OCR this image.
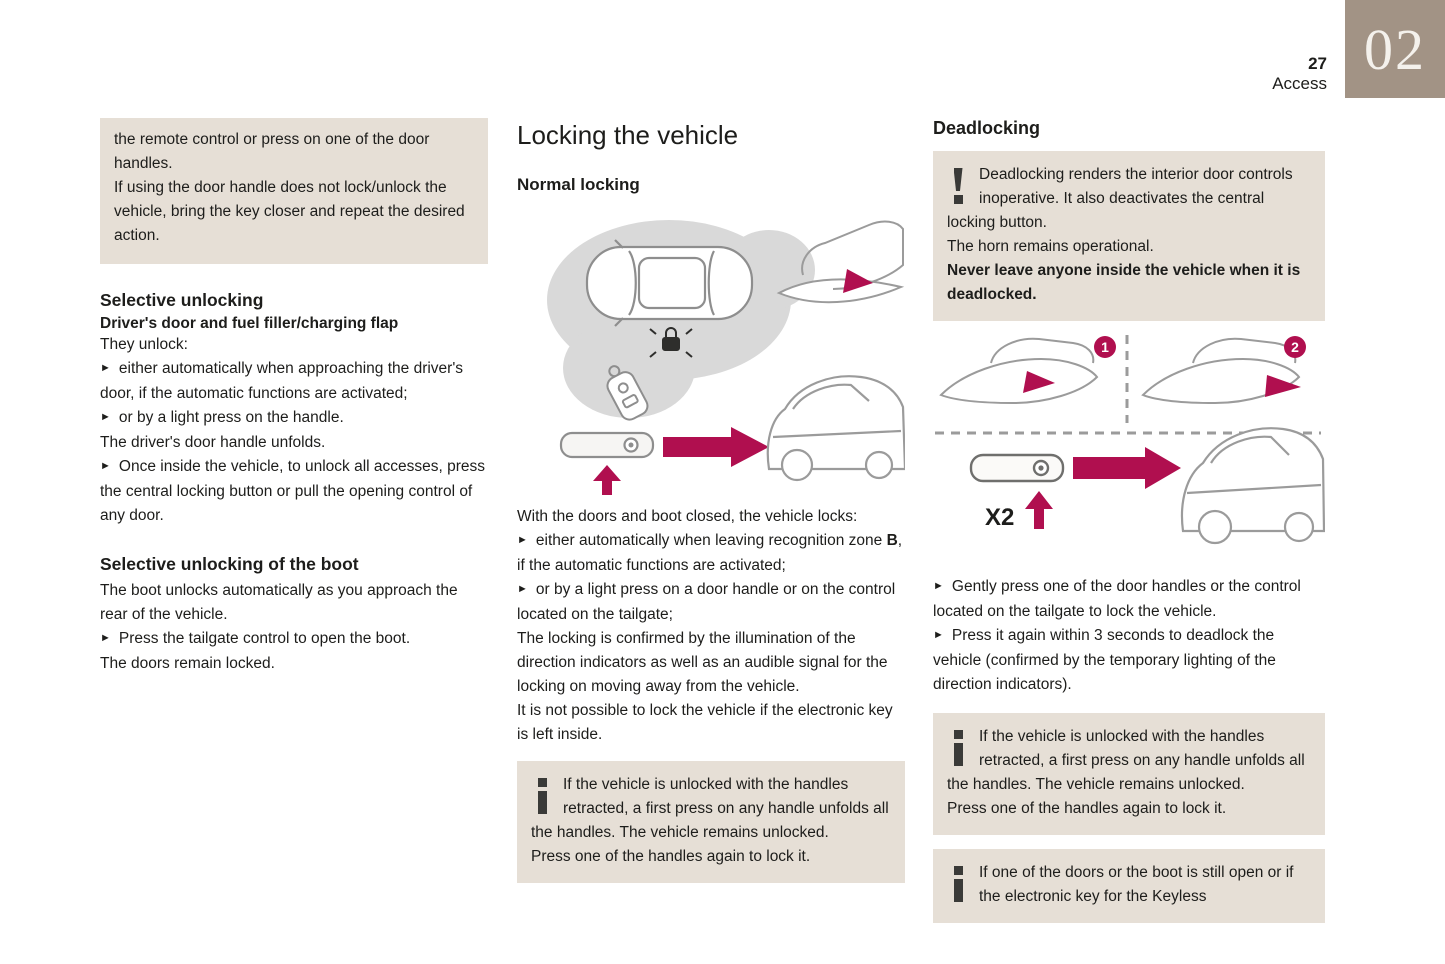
27
Access
02

the remote control or press on one of the door handles.

If using the door handle does not lock/unlock the vehicle, bring the key closer and repeat the desired action.

Selective unlocking
Driver's door and fuel filler/charging flap

They unlock:

► either automatically when approaching the driver's door, if the automatic functions are activated;

► or by a light press on the handle.

The driver's door handle unfolds.

► Once inside the vehicle, to unlock all accesses, press the central locking button or pull the opening control of any door.

Selective unlocking of the boot

The boot unlocks automatically as you approach the rear of the vehicle.

► Press the tailgate control to open the boot.

The doors remain locked.

Locking the vehicle
Normal locking

With the doors and boot closed, the vehicle locks:

► either automatically when leaving recognition zone B, if the automatic functions are activated;

► or by a light press on a door handle or on the control located on the tailgate;

The locking is confirmed by the illumination of the direction indicators as well as an audible signal for the locking on moving away from the vehicle.

It is not possible to lock the vehicle if the electronic key is left inside.

If the vehicle is unlocked with the handles retracted, a first press on any handle unfolds all the handles. The vehicle remains unlocked.

Press one of the handles again to lock it.

Deadlocking

Deadlocking renders the interior door controls inoperative. It also deactivates the central locking button.

The horn remains operational.

Never leave anyone inside the vehicle when it is deadlocked.

1	2
X2

► Gently press one of the door handles or the control located on the tailgate to lock the vehicle.

► Press it again within 3 seconds to deadlock the vehicle (confirmed by the temporary lighting of the direction indicators).

If the vehicle is unlocked with the handles retracted, a first press on any handle unfolds all the handles. The vehicle remains unlocked.

Press one of the handles again to lock it.

If one of the doors or the boot is still open or if the electronic key for the Keyless
